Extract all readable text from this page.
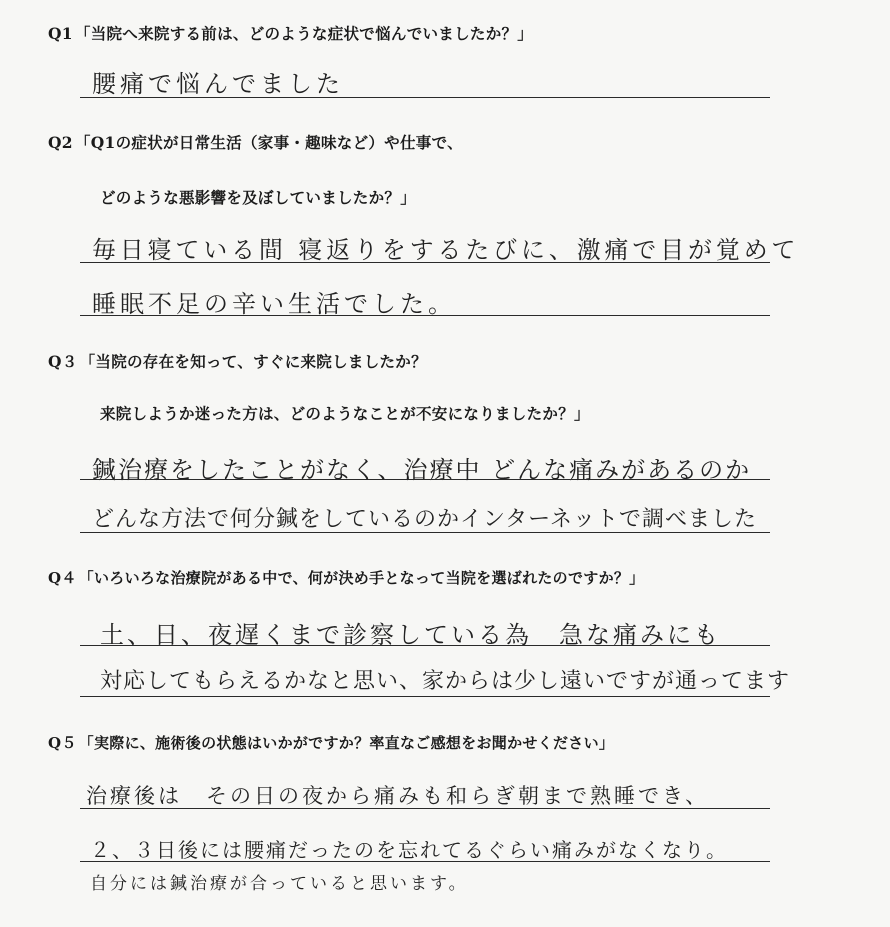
Q1 「当院へ来院する前は、どのような症状で悩んでいましたか？」
腰痛で悩んでました
Q2 「Q1の症状が日常生活（家事・趣味など）や仕事で、
どのような悪影響を及ぼしていましたか？」
毎日寝ている間 寝返りをするたびに、激痛で目が覚めて
睡眠不足の辛い生活でした。
Q３ 「当院の存在を知って、すぐに来院しましたか？
来院しようか迷った方は、どのようなことが不安になりましたか？」
鍼治療をしたことがなく、治療中 どんな痛みがあるのか
どんな方法で何分鍼をしているのかインターネットで調べました
Q４ 「いろいろな治療院がある中で、何が決め手となって当院を選ばれたのですか？」
土、日、夜遅くまで診察している為　急な痛みにも
対応してもらえるかなと思い、家からは少し遠いですが通ってます
Q５ 「実際に、施術後の状態はいかがですか？率直なご感想をお聞かせください」
治療後は　その日の夜から痛みも和らぎ朝まで熟睡でき、
２、３日後には腰痛だったのを忘れてるぐらい痛みがなくなり。
自分には鍼治療が合っていると思います。
